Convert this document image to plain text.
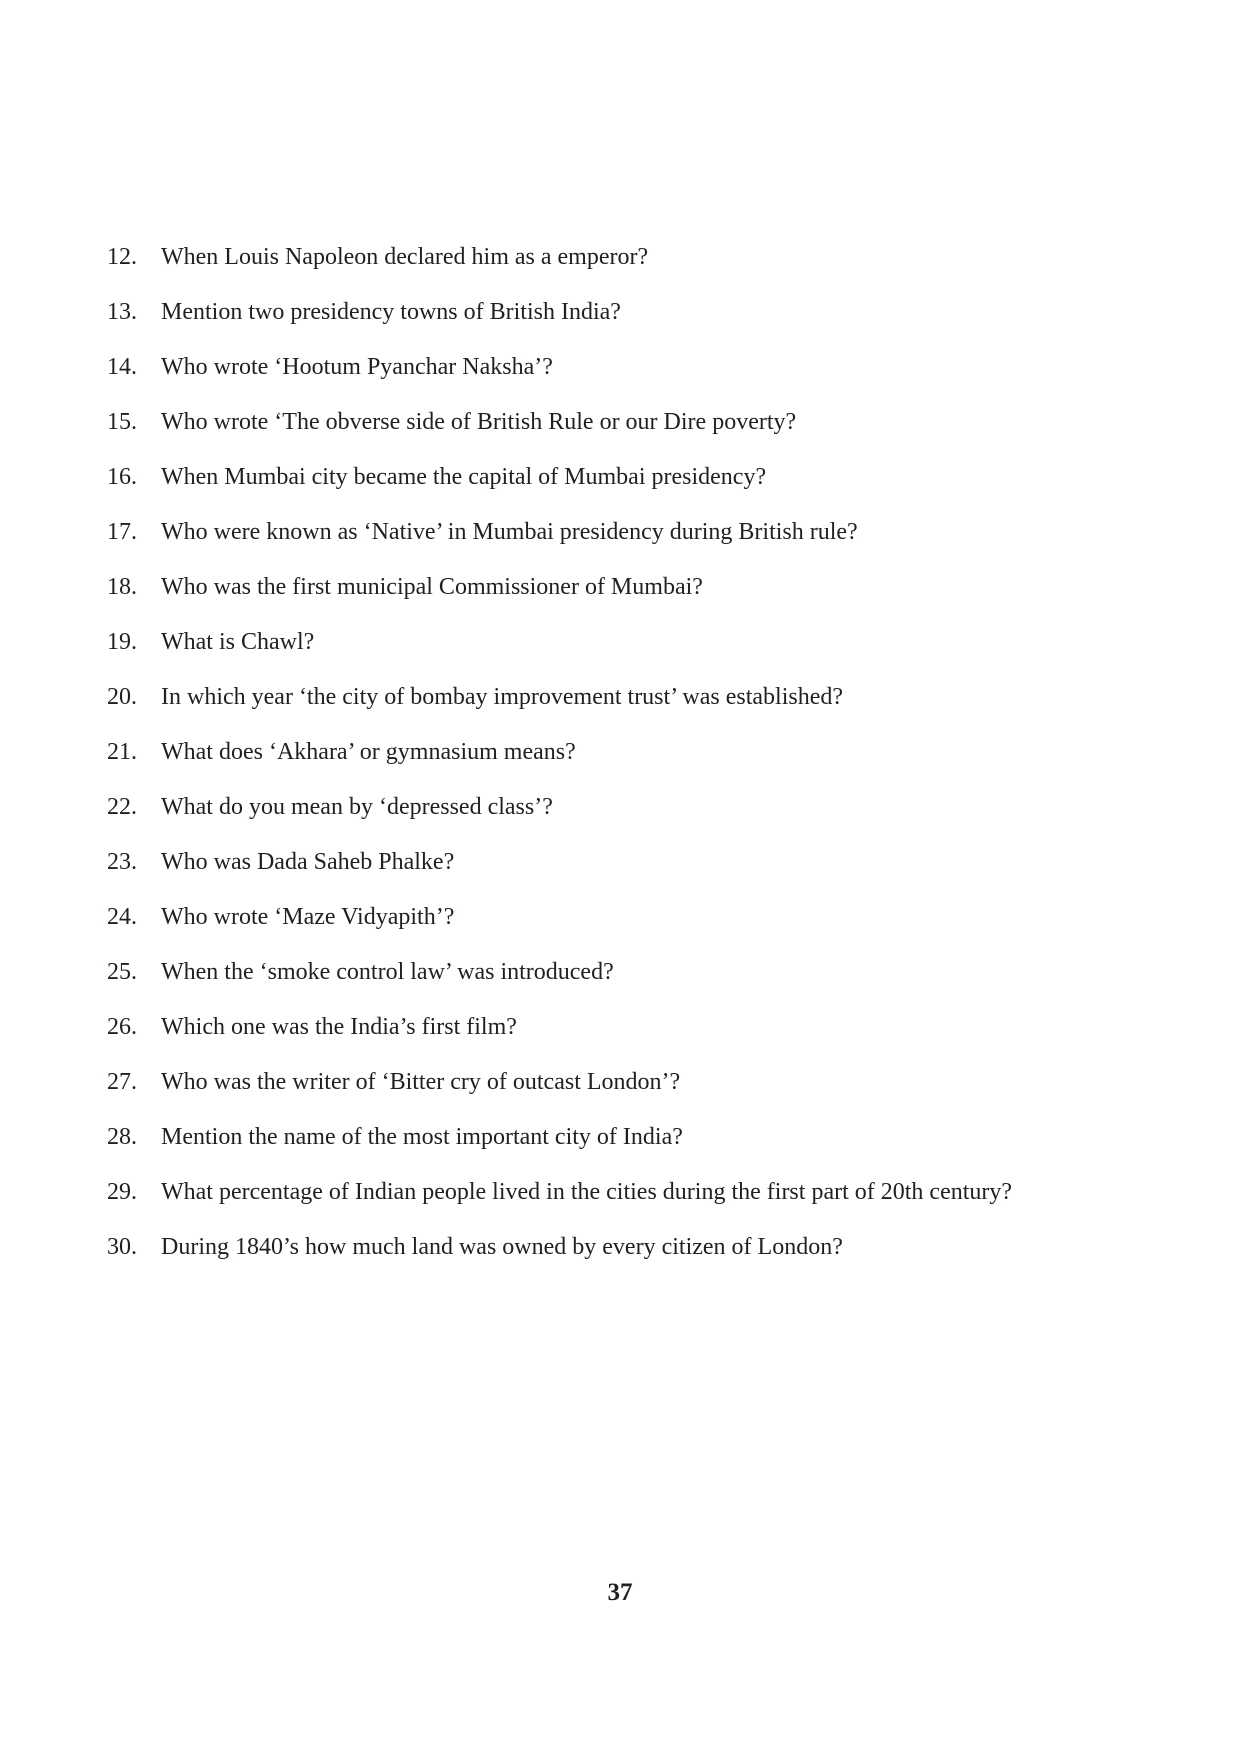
12. When Louis Napoleon declared him as a emperor?
13. Mention two presidency towns of British India?
14. Who wrote ‘Hootum Pyanchar Naksha’?
15. Who wrote ‘The obverse side of British Rule or our Dire poverty?
16. When Mumbai city became the capital of Mumbai presidency?
17. Who were known as ‘Native’ in Mumbai presidency during British rule?
18. Who was the first municipal Commissioner of Mumbai?
19. What is Chawl?
20. In which year ‘the city of bombay improvement trust’ was established?
21. What does ‘Akhara’ or gymnasium means?
22. What do you mean by ‘depressed class’?
23. Who was Dada Saheb Phalke?
24. Who wrote ‘Maze Vidyapith’?
25. When the ‘smoke control law’ was introduced?
26. Which one was the India’s first film?
27. Who was the writer of ‘Bitter cry of outcast London’?
28. Mention the name of the most important city of India?
29. What percentage of Indian people lived in the cities during the first part of 20th century?
30. During 1840’s how much land was owned by every citizen of London?
37
